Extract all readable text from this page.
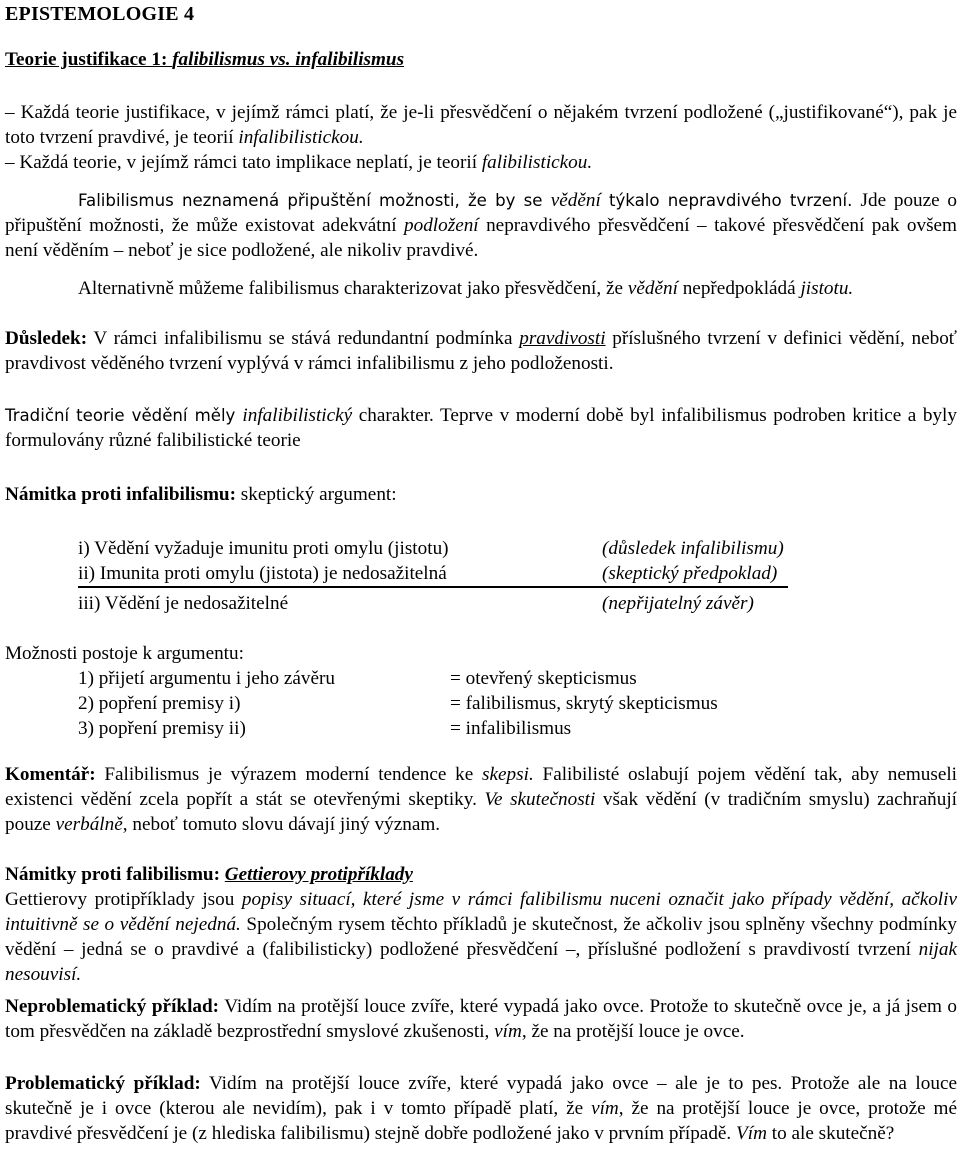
EPISTEMOLOGIE 4

Teorie justifikace 1: falibilismus vs. infalibilismus

– Každá teorie justifikace, v jejímž rámci platí, že je-li přesvědčení o nějakém tvrzení podložené („justifikované“), pak je toto tvrzení pravdivé, je teorií infalibilistickou.

– Každá teorie, v jejímž rámci tato implikace neplatí, je teorií falibilistickou.

Falibilismus neznamená připuštění možnosti, že by se vědění týkalo nepravdivého tvrzení. Jde pouze o připuštění možnosti, že může existovat adekvátní podložení nepravdivého přesvědčení – takové přesvědčení pak ovšem není věděním – neboť je sice podložené, ale nikoliv pravdivé.

Alternativně můžeme falibilismus charakterizovat jako přesvědčení, že vědění nepředpokládá jistotu.

Důsledek: V rámci infalibilismu se stává redundantní podmínka pravdivosti příslušného tvrzení v definici vědění, neboť pravdivost věděného tvrzení vyplývá v rámci infalibilismu z jeho podloženosti.

Tradiční teorie vědění měly infalibilistický charakter. Teprve v moderní době byl infalibilismus podroben kritice a byly formulovány různé falibilistické teorie

Námitka proti infalibilismu: skeptický argument:

i) Vědění vyžaduje imunitu proti omylu (jistotu)	(důsledek infalibilismu)
ii) Imunita proti omylu (jistota) je nedosažitelná	(skeptický předpoklad)
iii) Vědění je nedosažitelné	(nepřijatelný závěr)

Možnosti postoje k argumentu:

1) přijetí argumentu i jeho závěru	= otevřený skepticismus
2) popření premisy i)	= falibilismus, skrytý skepticismus
3) popření premisy ii)	= infalibilismus

Komentář: Falibilismus je výrazem moderní tendence ke skepsi. Falibilisté oslabují pojem vědění tak, aby nemuseli existenci vědění zcela popřít a stát se otevřenými skeptiky. Ve skutečnosti však vědění (v tradičním smyslu) zachraňují pouze verbálně, neboť tomuto slovu dávají jiný význam.

Námitky proti falibilismu: Gettierovy protipříklady

Gettierovy protipříklady jsou popisy situací, které jsme v rámci falibilismu nuceni označit jako případy vědění, ačkoliv intuitivně se o vědění nejedná. Společným rysem těchto příkladů je skutečnost, že ačkoliv jsou splněny všechny podmínky vědění – jedná se o pravdivé a (falibilisticky) podložené přesvědčení –, příslušné podložení s pravdivostí tvrzení nijak nesouvisí.

Neproblematický příklad: Vidím na protější louce zvíře, které vypadá jako ovce. Protože to skutečně ovce je, a já jsem o tom přesvědčen na základě bezprostřední smyslové zkušenosti, vím, že na protější louce je ovce.

Problematický příklad: Vidím na protější louce zvíře, které vypadá jako ovce – ale je to pes. Protože ale na louce skutečně je i ovce (kterou ale nevidím), pak i v tomto případě platí, že vím, že na protější louce je ovce, protože mé pravdivé přesvědčení je (z hlediska falibilismu) stejně dobře podložené jako v prvním případě. Vím to ale skutečně?
